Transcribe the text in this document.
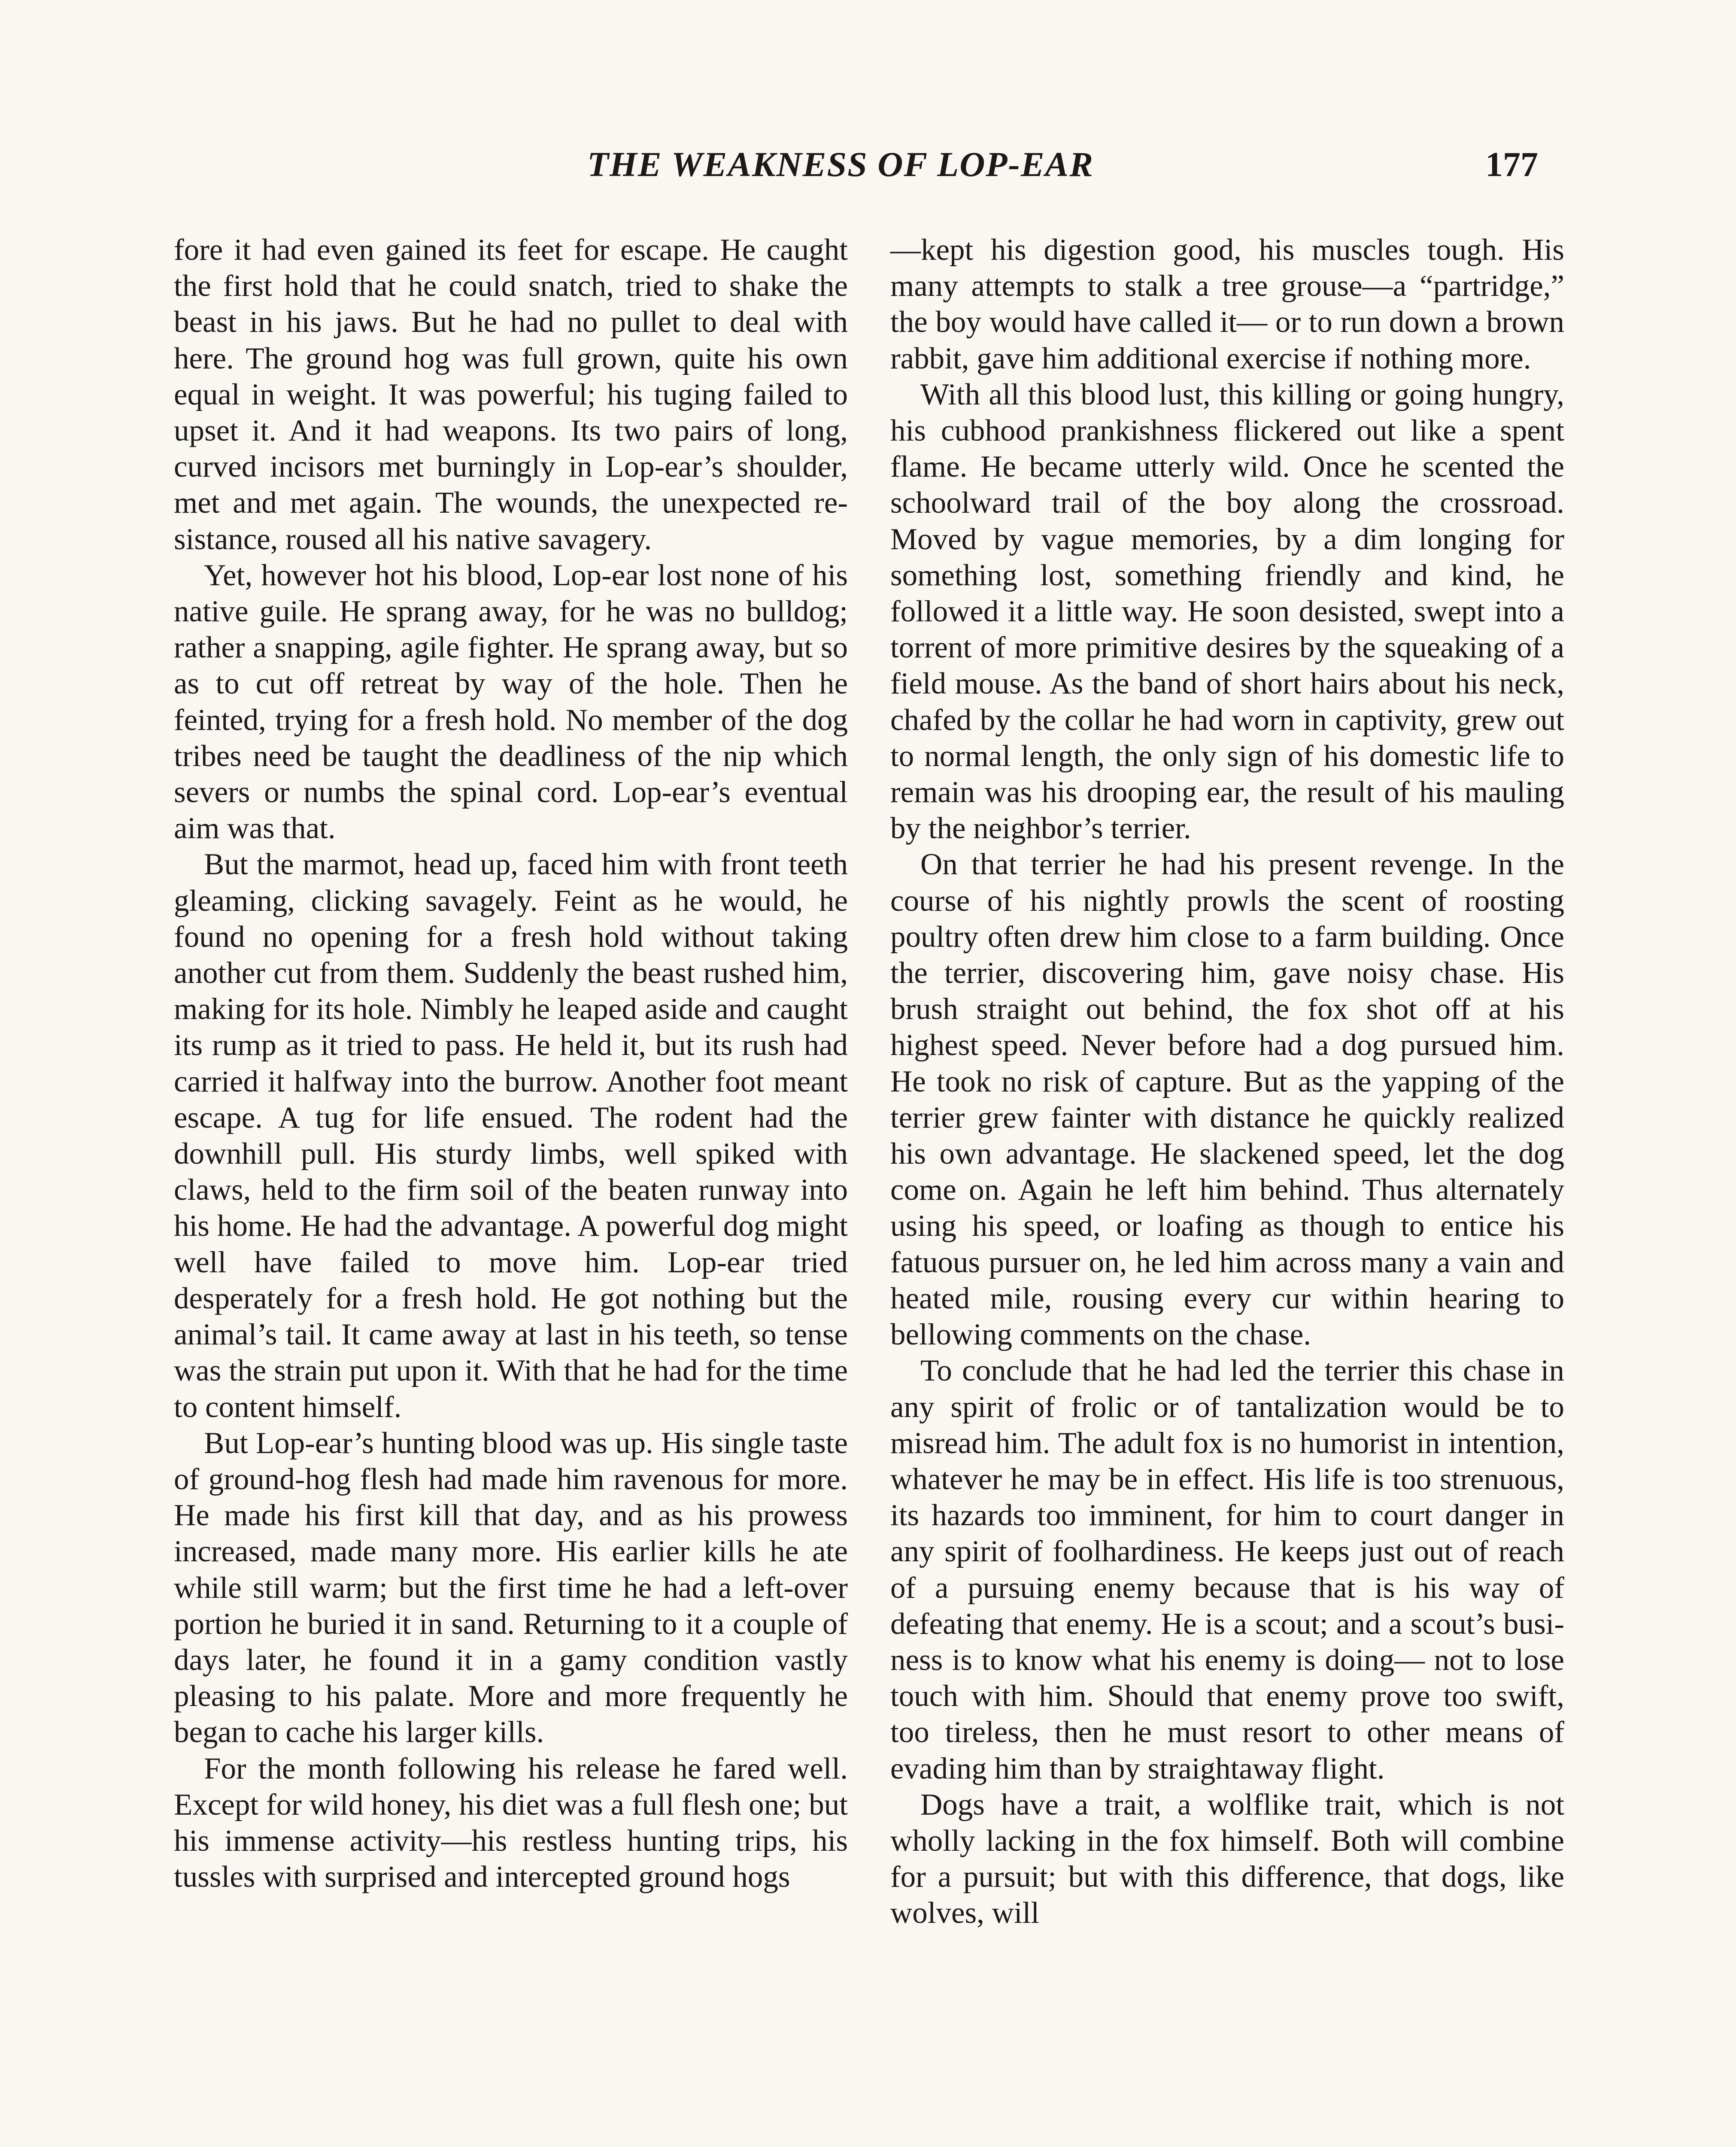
THE WEAKNESS OF LOP-EAR	177

fore it had even gained its feet for escape. He caught the first hold that he could snatch, tried to shake the beast in his jaws. But he had no pullet to deal with here. The ground hog was full grown, quite his own equal in weight. It was powerful; his tuging failed to upset it. And it had weapons. Its two pairs of long, curved incisors met burningly in Lop-ear’s shoulder, met and met again. The wounds, the unexpected resistance, roused all his native savagery.

Yet, however hot his blood, Lop-ear lost none of his native guile. He sprang away, for he was no bulldog; rather a snapping, agile fighter. He sprang away, but so as to cut off retreat by way of the hole. Then he feinted, trying for a fresh hold. No member of the dog tribes need be taught the deadliness of the nip which severs or numbs the spinal cord. Lop-ear’s eventual aim was that.

But the marmot, head up, faced him with front teeth gleaming, clicking savagely. Feint as he would, he found no opening for a fresh hold without taking another cut from them. Suddenly the beast rushed him, making for its hole. Nimbly he leaped aside and caught its rump as it tried to pass. He held it, but its rush had carried it halfway into the burrow. Another foot meant escape. A tug for life ensued. The rodent had the downhill pull. His sturdy limbs, well spiked with claws, held to the firm soil of the beaten runway into his home. He had the advantage. A powerful dog might well have failed to move him. Lop-ear tried desperately for a fresh hold. He got nothing but the animal’s tail. It came away at last in his teeth, so tense was the strain put upon it. With that he had for the time to content himself.

But Lop-ear’s hunting blood was up. His single taste of ground-hog flesh had made him ravenous for more. He made his first kill that day, and as his prowess increased, made many more. His earlier kills he ate while still warm; but the first time he had a left-over portion he buried it in sand. Returning to it a couple of days later, he found it in a gamy condition vastly pleasing to his palate. More and more frequently he began to cache his larger kills.

For the month following his release he fared well. Except for wild honey, his diet was a full flesh one; but his immense activity—his restless hunting trips, his tussles with surprised and intercepted ground hogs

—kept his digestion good, his muscles tough. His many attempts to stalk a tree grouse—a “partridge,” the boy would have called it— or to run down a brown rabbit, gave him additional exercise if nothing more.

With all this blood lust, this killing or going hungry, his cubhood prankishness flickered out like a spent flame. He became utterly wild. Once he scented the schoolward trail of the boy along the crossroad. Moved by vague memories, by a dim longing for something lost, something friendly and kind, he followed it a little way. He soon desisted, swept into a torrent of more primitive desires by the squeaking of a field mouse. As the band of short hairs about his neck, chafed by the collar he had worn in captivity, grew out to normal length, the only sign of his domestic life to remain was his drooping ear, the result of his mauling by the neighbor’s terrier.

On that terrier he had his present revenge. In the course of his nightly prowls the scent of roosting poultry often drew him close to a farm building. Once the terrier, discovering him, gave noisy chase. His brush straight out behind, the fox shot off at his highest speed. Never before had a dog pursued him. He took no risk of capture. But as the yapping of the terrier grew fainter with distance he quickly realized his own advantage. He slackened speed, let the dog come on. Again he left him behind. Thus alternately using his speed, or loafing as though to entice his fatuous pursuer on, he led him across many a vain and heated mile, rousing every cur within hearing to bellowing comments on the chase.

To conclude that he had led the terrier this chase in any spirit of frolic or of tantalization would be to misread him. The adult fox is no humorist in intention, whatever he may be in effect. His life is too strenuous, its hazards too imminent, for him to court danger in any spirit of foolhardiness. He keeps just out of reach of a pursuing enemy because that is his way of defeating that enemy. He is a scout; and a scout’s business is to know what his enemy is doing— not to lose touch with him. Should that enemy prove too swift, too tireless, then he must resort to other means of evading him than by straightaway flight.

Dogs have a trait, a wolflike trait, which is not wholly lacking in the fox himself. Both will combine for a pursuit; but with this difference, that dogs, like wolves, will
